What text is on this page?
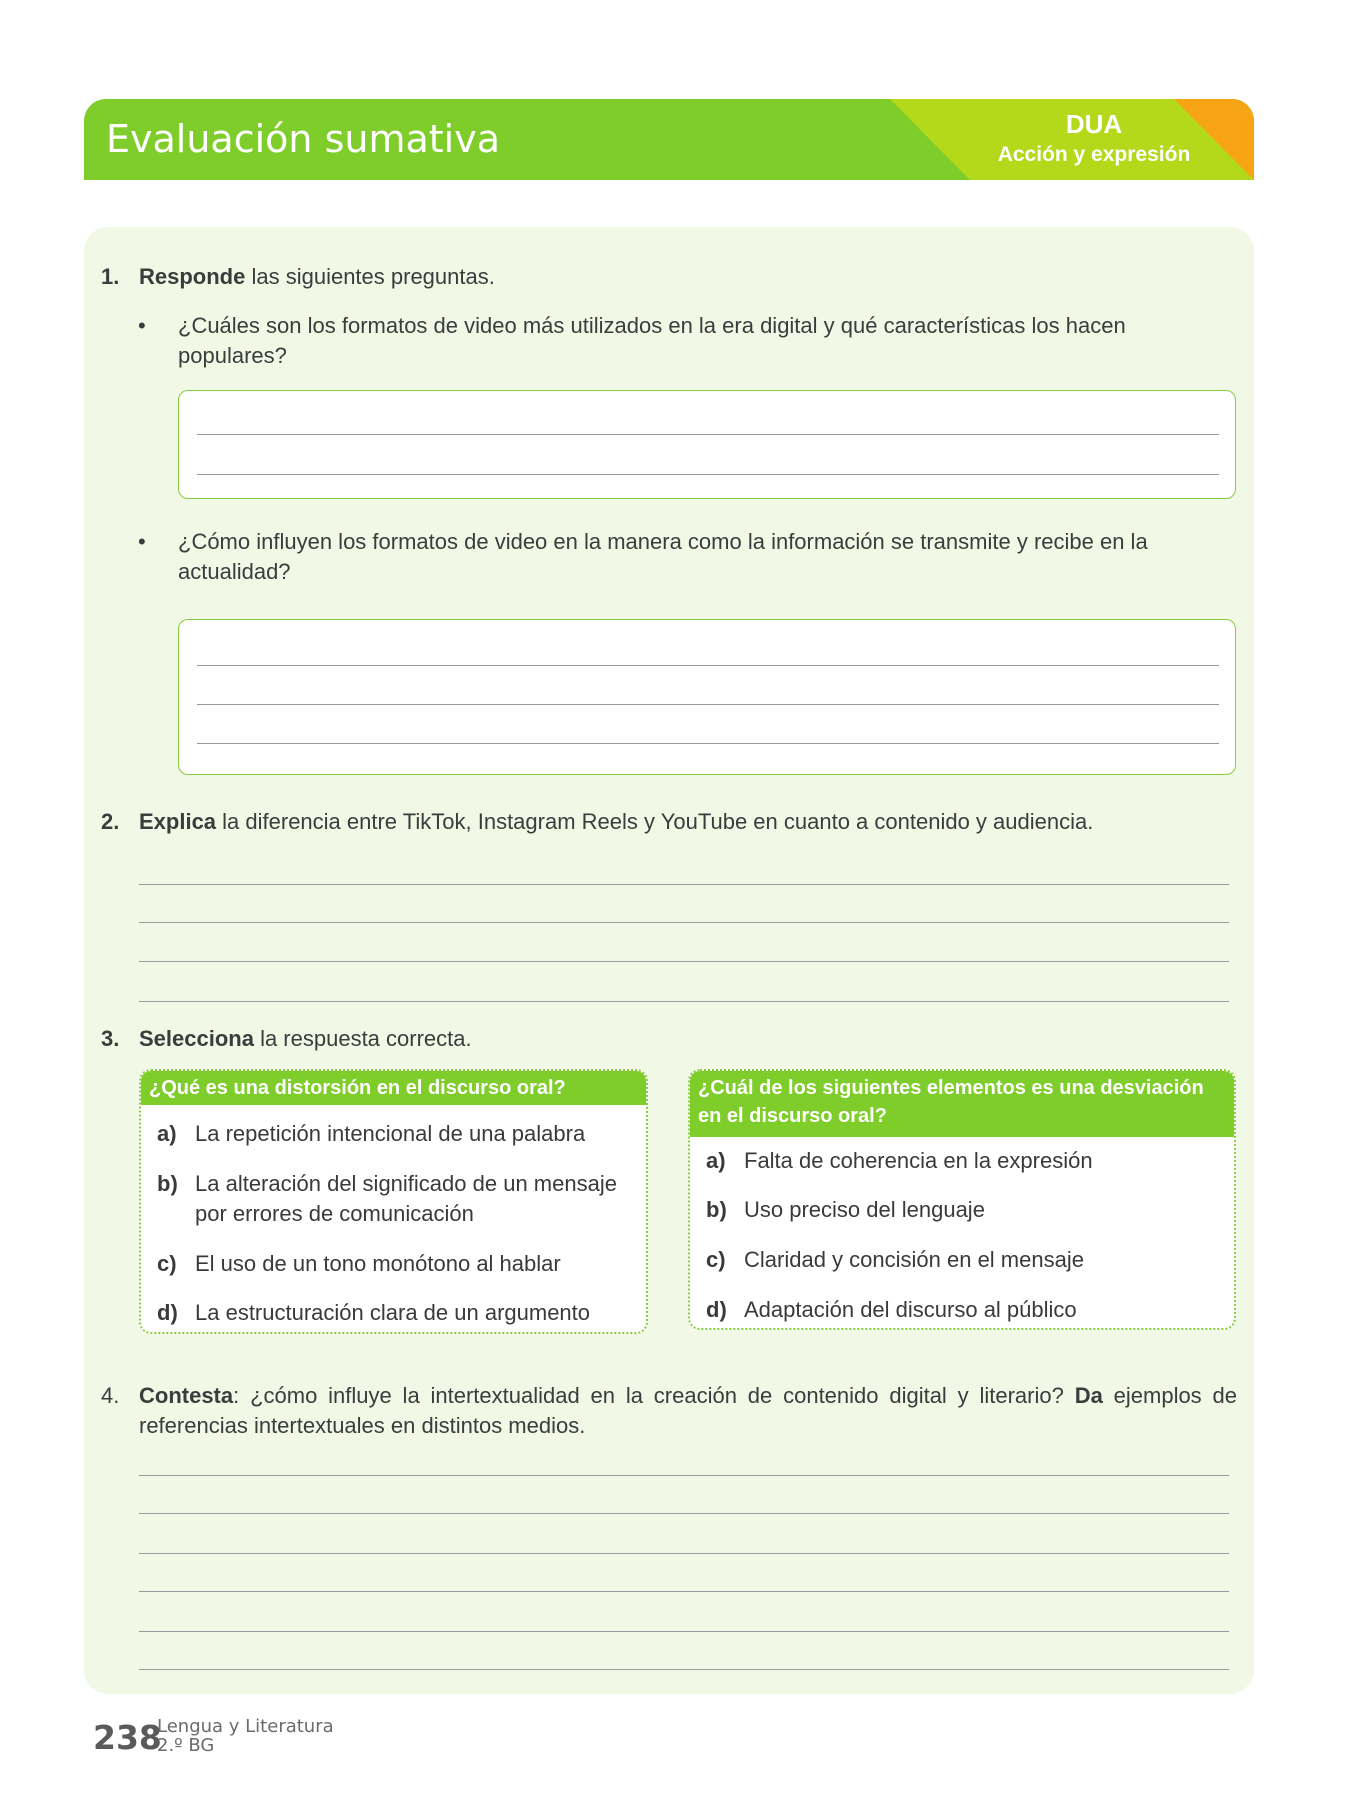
Evaluación sumativa	DUA
Acción y expresión
1. Responde las siguientes preguntas.
• ¿Cuáles son los formatos de video más utilizados en la era digital y qué características los hacen populares?
• ¿Cómo influyen los formatos de video en la manera como la información se transmite y recibe en la actualidad?
2. Explica la diferencia entre TikTok, Instagram Reels y YouTube en cuanto a contenido y audiencia.
3. Selecciona la respuesta correcta.
¿Qué es una distorsión en el discurso oral?
a) La repetición intencional de una palabra
b) La alteración del significado de un mensaje por errores de comunicación
c) El uso de un tono monótono al hablar
d) La estructuración clara de un argumento
¿Cuál de los siguientes elementos es una desviación en el discurso oral?
a) Falta de coherencia en la expresión
b) Uso preciso del lenguaje
c) Claridad y concisión en el mensaje
d) Adaptación del discurso al público
4. Contesta: ¿cómo influye la intertextualidad en la creación de contenido digital y literario? Da ejemplos de referencias intertextuales en distintos medios.
238
Lengua y Literatura
2.º BG
